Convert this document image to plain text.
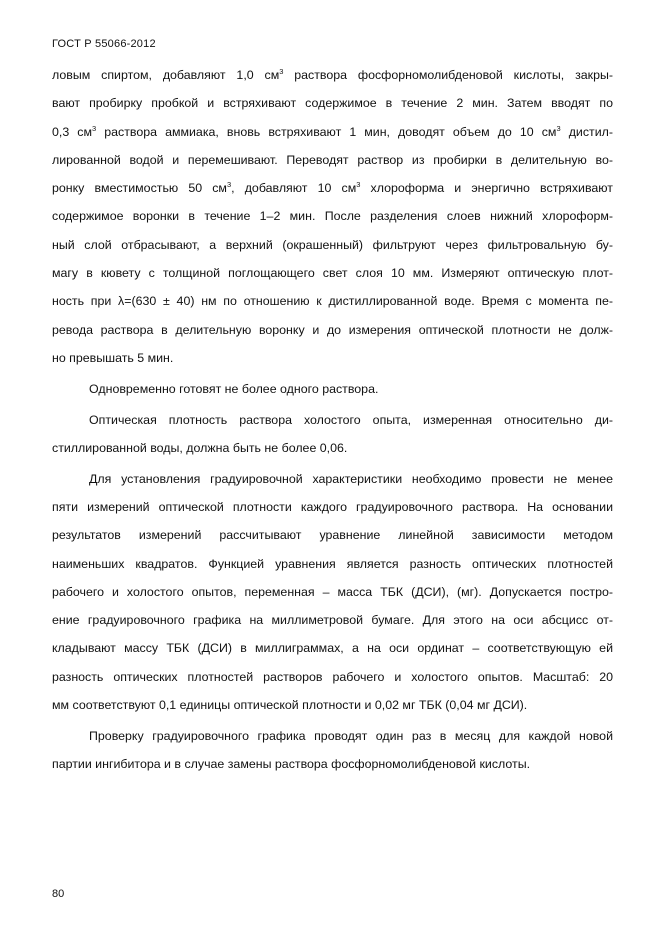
ГОСТ Р 55066-2012
ловым спиртом, добавляют 1,0 $см^3$ раствора фосфорномолибденовой кислоты, закры-
вают пробирку пробкой и встряхивают содержимое в течение 2 мин. Затем вводят по
0,3 $см^3$ раствора аммиака, вновь встряхивают 1 мин, доводят объем до 10 $см^3$ дистил-
лированной водой и перемешивают. Переводят раствор из пробирки в делительную во-
ронку вместимостью 50 $см^3$, добавляют 10 $см^3$ хлороформа и энергично встряхивают
содержимое воронки в течение 1–2 мин. После разделения слоев нижний хлороформ-
ный слой отбрасывают, а верхний (окрашенный) фильтруют через фильтровальную бу-
магу в кювету с толщиной поглощающего свет слоя 10 мм. Измеряют оптическую плот-
ность при λ=(630 ± 40) нм по отношению к дистиллированной воде. Время с момента пе-
ревода раствора в делительную воронку и до измерения оптической плотности не долж-
но превышать 5 мин.
Одновременно готовят не более одного раствора.
Оптическая плотность раствора холостого опыта, измеренная относительно ди-
стиллированной воды, должна быть не более 0,06.
Для установления градуировочной характеристики необходимо провести не менее
пяти измерений оптической плотности каждого градуировочного раствора. На основании
результатов измерений рассчитывают уравнение линейной зависимости методом
наименьших квадратов. Функцией уравнения является разность оптических плотностей
рабочего и холостого опытов, переменная – масса ТБК (ДСИ), (мг). Допускается постро-
ение градуировочного графика на миллиметровой бумаге. Для этого на оси абсцисс от-
кладывают массу ТБК (ДСИ) в миллиграммах, а на оси ординат – соответствующую ей
разность оптических плотностей растворов рабочего и холостого опытов. Масштаб: 20
мм соответствуют 0,1 единицы оптической плотности и 0,02 мг ТБК (0,04 мг ДСИ).
Проверку градуировочного графика проводят один раз в месяц для каждой новой
партии ингибитора и в случае замены раствора фосфорномолибденовой кислоты.
80
